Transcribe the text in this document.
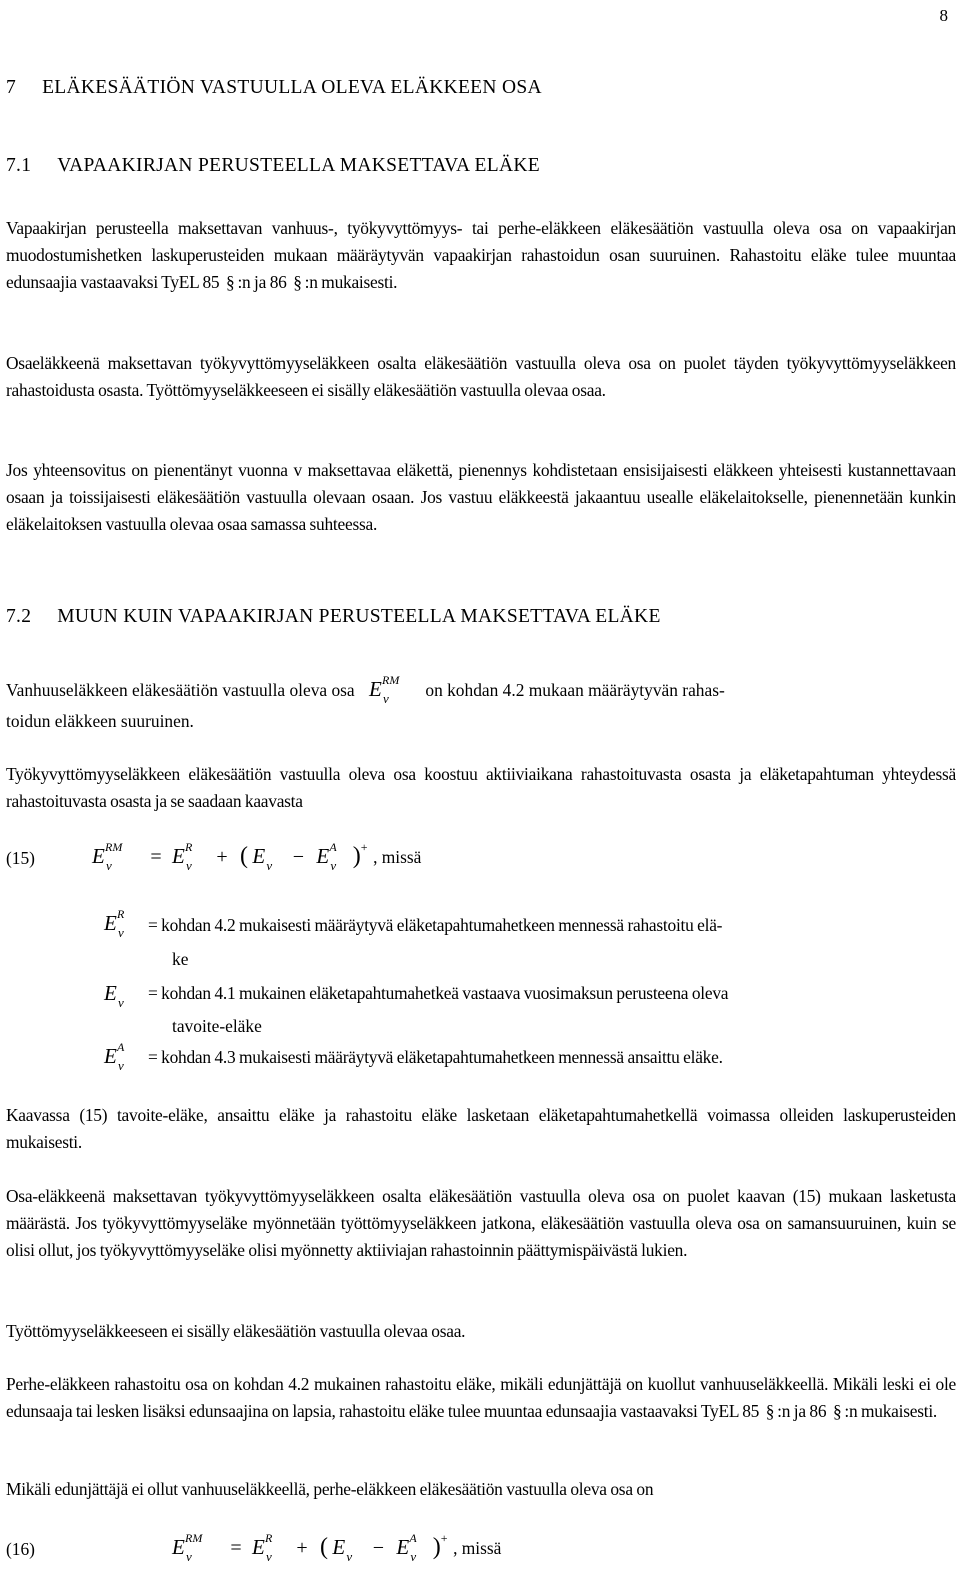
8
7 ELÄKESÄÄTIÖN VASTUULLA OLEVA ELÄKKEEN OSA
7.1 VAPAAKIRJAN PERUSTEELLA MAKSETTAVA ELÄKE

Vapaakirjan perusteella maksettavan vanhuus-, työkyvyttömyys- tai perhe-eläkkeen eläkesäätiön vastuulla oleva osa on vapaakirjan muodostumishetken laskuperusteiden mukaan määräytyvän vapaakirjan rahastoidun osan suuruinen. Rahastoitu eläke tulee muuntaa edunsaajia vastaavaksi TyEL 85 § :n ja 86 § :n mukaisesti.

Osaeläkkeenä maksettavan työkyvyttömyyseläkkeen osalta eläkesäätiön vastuulla oleva osa on puolet täyden työkyvyttömyyseläkkeen rahastoidusta osasta. Työttömyyseläkkeeseen ei sisälly eläkesäätiön vastuulla olevaa osaa.

Jos yhteensovitus on pienentänyt vuonna v maksettavaa eläkettä, pienennys kohdistetaan ensisijaisesti eläkkeen yhteisesti kustannettavaan osaan ja toissijaisesti eläkesäätiön vastuulla olevaan osaan. Jos vastuu eläkkeestä jakaantuu usealle eläkelaitokselle, pienennetään kunkin eläkelaitoksen vastuulla olevaa osaa samassa suhteessa.

7.2 MUUN KUIN VAPAAKIRJAN PERUSTEELLA MAKSETTAVA ELÄKE
Vanhuuseläkkeen eläkesäätiön vastuulla oleva osa E RM
v on kohdan 4.2 mukaan määräytyvän rahas-
toidun eläkkeen suuruinen.

Työkyvyttömyyseläkkeen eläkesäätiön vastuulla oleva osa koostuu aktiiviaikana rahastoituvasta osasta ja eläketapahtuman yhteydessä rahastoituvasta osasta ja se saadaan kaavasta

(15)	E RM
v = E R
v + ( E v − E A
v ) + , missä
E R
v = kohdan 4.2 mukaisesti määräytyvä eläketapahtumahetkeen mennessä rahastoitu elä-
ke
E v = kohdan 4.1 mukainen eläketapahtumahetkeä vastaava vuosimaksun perusteena oleva
tavoite-eläke
E A
v = kohdan 4.3 mukaisesti määräytyvä eläketapahtumahetkeen mennessä ansaittu eläke.

Kaavassa (15) tavoite-eläke, ansaittu eläke ja rahastoitu eläke lasketaan eläketapahtumahetkellä voimassa olleiden laskuperusteiden mukaisesti.

Osa-eläkkeenä maksettavan työkyvyttömyyseläkkeen osalta eläkesäätiön vastuulla oleva osa on puolet kaavan (15) mukaan lasketusta määrästä. Jos työkyvyttömyyseläke myönnetään työttömyyseläkkeen jatkona, eläkesäätiön vastuulla oleva osa on samansuuruinen, kuin se olisi ollut, jos työkyvyttömyyseläke olisi myönnetty aktiiviajan rahastoinnin päättymispäivästä lukien.

Työttömyyseläkkeeseen ei sisälly eläkesäätiön vastuulla olevaa osaa.

Perhe-eläkkeen rahastoitu osa on kohdan 4.2 mukainen rahastoitu eläke, mikäli edunjättäjä on kuollut vanhuuseläkkeellä. Mikäli leski ei ole edunsaaja tai lesken lisäksi edunsaajina on lapsia, rahastoitu eläke tulee muuntaa edunsaajia vastaavaksi TyEL 85 § :n ja 86 § :n mukaisesti.

Mikäli edunjättäjä ei ollut vanhuuseläkkeellä, perhe-eläkkeen eläkesäätiön vastuulla oleva osa on

(16)	E RM
v = E R
v + ( E v − E A
v ) + , missä
